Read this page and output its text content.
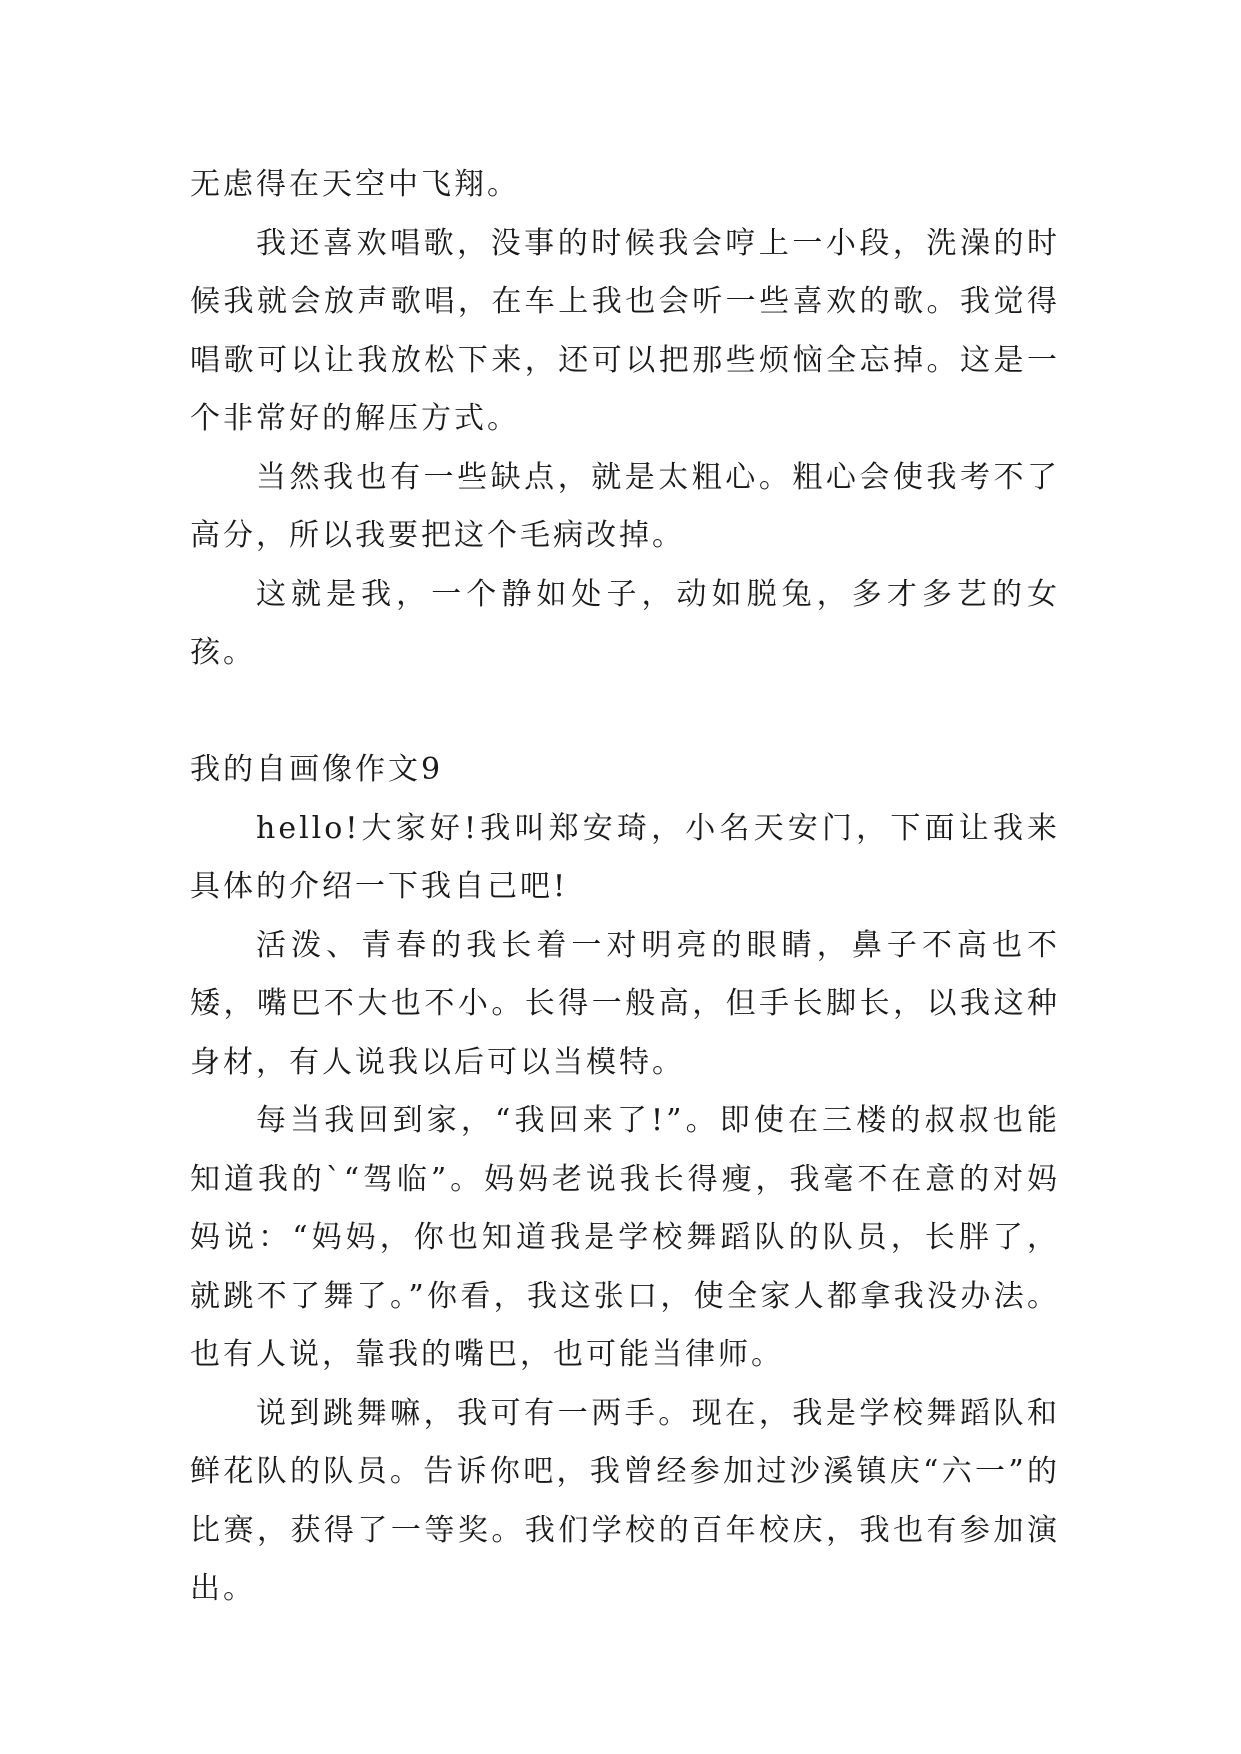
无虑得在天空中飞翔。

我还喜欢唱歌，没事的时候我会哼上一小段，洗澡的时候我就会放声歌唱，在车上我也会听一些喜欢的歌。我觉得唱歌可以让我放松下来，还可以把那些烦恼全忘掉。这是一个非常好的解压方式。

当然我也有一些缺点，就是太粗心。粗心会使我考不了高分，所以我要把这个毛病改掉。

这就是我，一个静如处子，动如脱兔，多才多艺的女孩。

我的自画像作文9

hello!大家好!我叫郑安琦，小名天安门，下面让我来具体的介绍一下我自己吧!

活泼、青春的我长着一对明亮的眼睛，鼻子不高也不矮，嘴巴不大也不小。长得一般高，但手长脚长，以我这种身材，有人说我以后可以当模特。

每当我回到家，“我回来了!”。即使在三楼的叔叔也能知道我的`“驾临”。妈妈老说我长得瘦，我毫不在意的对妈妈说：“妈妈，你也知道我是学校舞蹈队的队员，长胖了，就跳不了舞了。”你看，我这张口，使全家人都拿我没办法。也有人说，靠我的嘴巴，也可能当律师。

说到跳舞嘛，我可有一两手。现在，我是学校舞蹈队和鲜花队的队员。告诉你吧，我曾经参加过沙溪镇庆“六一”的比赛，获得了一等奖。我们学校的百年校庆，我也有参加演出。
